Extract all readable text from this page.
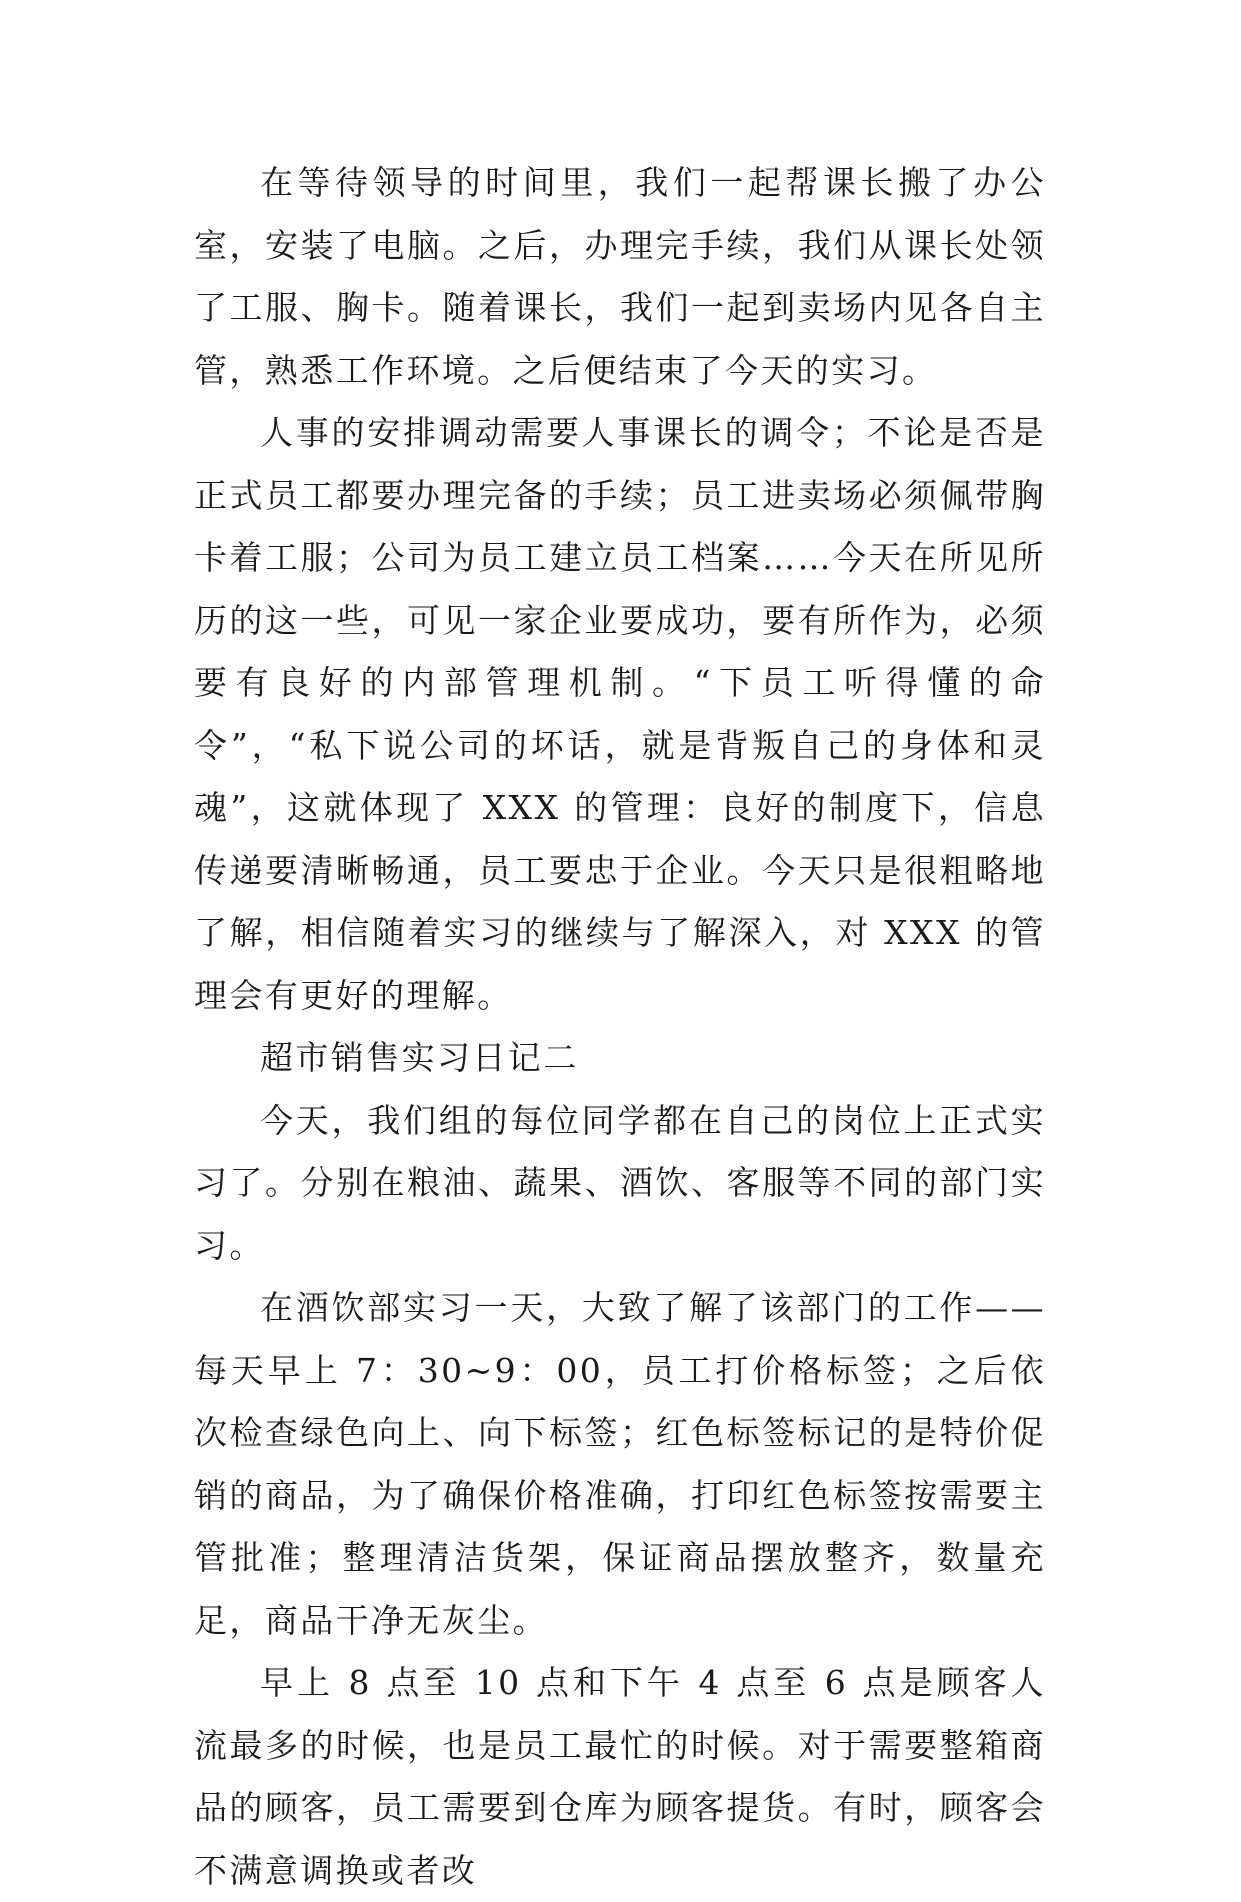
在等待领导的时间里，我们一起帮课长搬了办公室，安装了电脑。之后，办理完手续，我们从课长处领了工服、胸卡。随着课长，我们一起到卖场内见各自主管，熟悉工作环境。之后便结束了今天的实习。

人事的安排调动需要人事课长的调令；不论是否是正式员工都要办理完备的手续；员工进卖场必须佩带胸卡着工服；公司为员工建立员工档案……今天在所见所历的这一些，可见一家企业要成功，要有所作为，必须要有良好的内部管理机制。“下员工听得懂的命令”，“私下说公司的坏话，就是背叛自己的身体和灵魂”，这就体现了 XXX 的管理：良好的制度下，信息传递要清晰畅通，员工要忠于企业。今天只是很粗略地了解，相信随着实习的继续与了解深入，对 XXX 的管理会有更好的理解。

超市销售实习日记二

今天，我们组的每位同学都在自己的岗位上正式实习了。分别在粮油、蔬果、酒饮、客服等不同的部门实习。

在酒饮部实习一天，大致了解了该部门的工作——每天早上 7：30~9：00，员工打价格标签；之后依次检查绿色向上、向下标签；红色标签标记的是特价促销的商品，为了确保价格准确，打印红色标签按需要主管批准；整理清洁货架，保证商品摆放整齐，数量充足，商品干净无灰尘。

早上 8 点至 10 点和下午 4 点至 6 点是顾客人流最多的时候，也是员工最忙的时候。对于需要整箱商品的顾客，员工需要到仓库为顾客提货。有时，顾客会不满意调换或者改
